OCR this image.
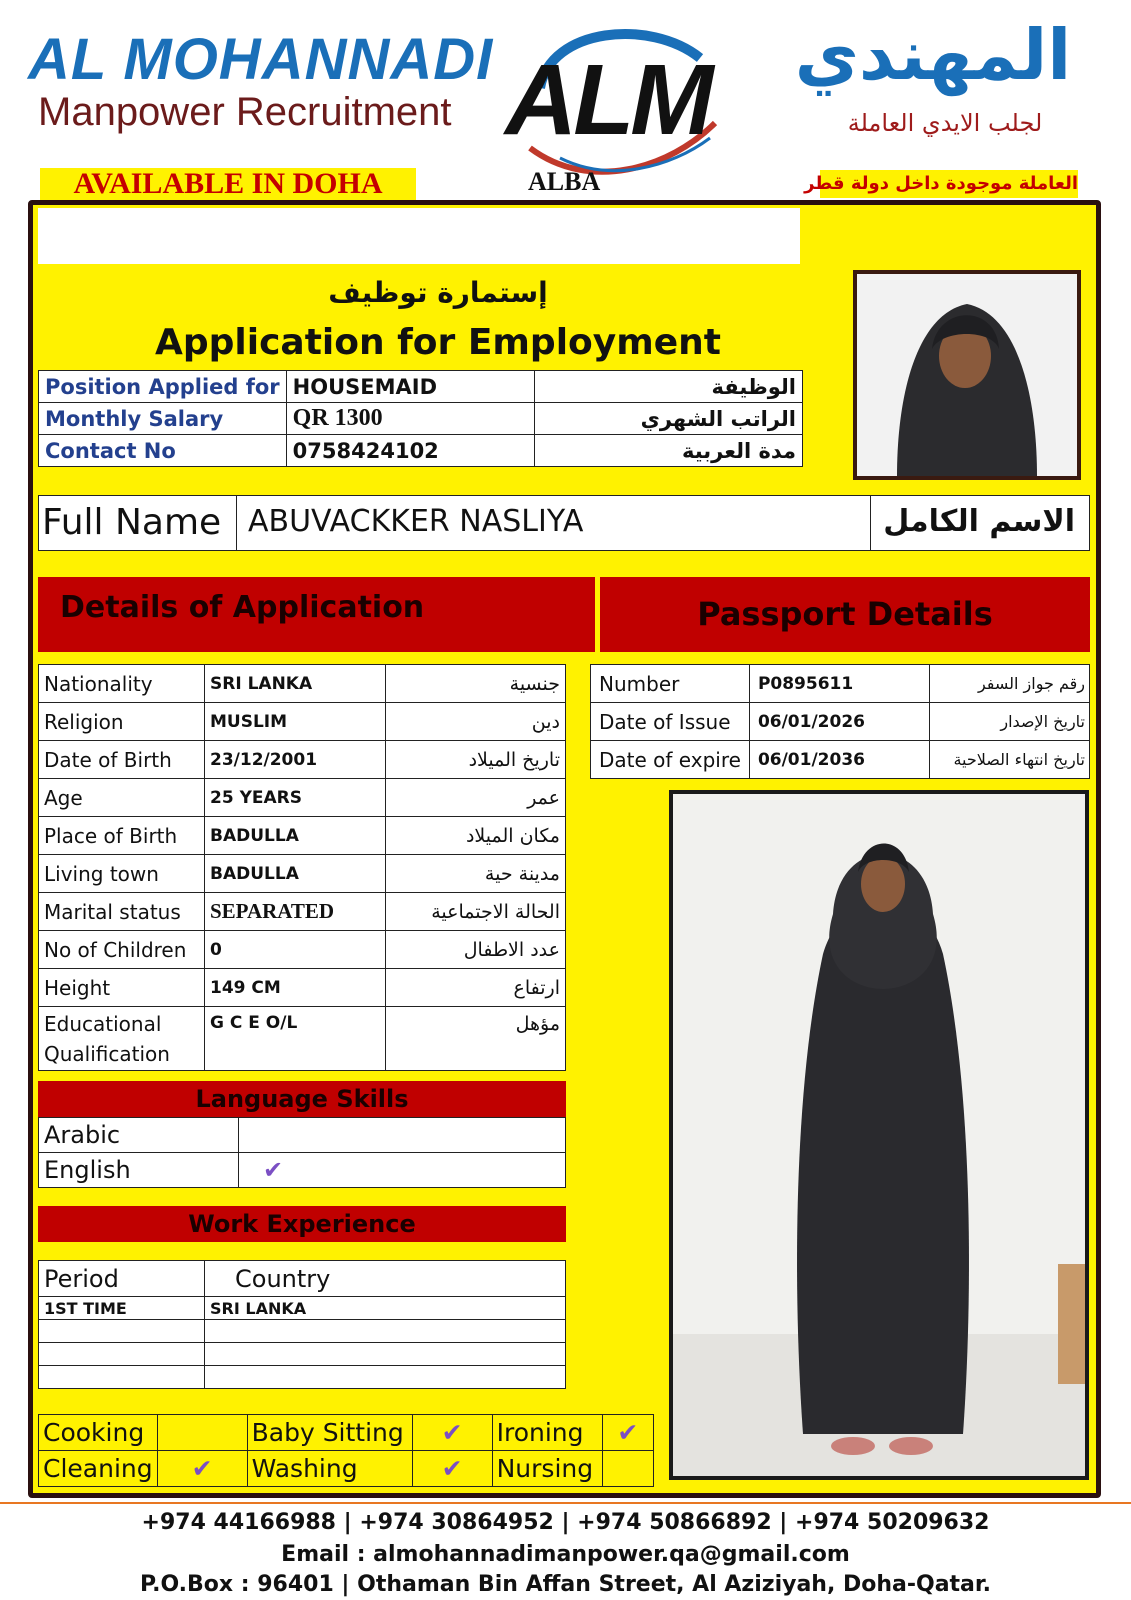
AL MOHANNADI
Manpower Recruitment ALM
ALBA
المهندي
لجلب الايدي العاملة
AVAILABLE IN DOHA	العاملة موجودة داخل دولة قطر
إستمارة توظيف
Application for Employment
Position Applied for	HOUSEMAID	الوظيفة
Monthly Salary	QR 1300	الراتب الشهري
Contact No	0758424102	مدة العربية
Full Name ABUVACKKER NASLIYA	الاسم الكامل
Details of Application	Passport Details
Nationality	SRI LANKA	جنسية
Religion	MUSLIM	دين
Date of Birth	23/12/2001	تاريخ الميلاد
Age	25 YEARS	عمر
Place of Birth	BADULLA	مكان الميلاد
Living town	BADULLA	مدينة حية
Marital status	SEPARATED	الحالة الاجتماعية
No of Children	0	عدد الاطفال
Height	149 CM	ارتفاع
Educational Qualification	G C E O/L	مؤهل
Number	P0895611	رقم جواز السفر
Date of Issue	06/01/2026	تاريخ الإصدار
Date of expire	06/01/2036	تاريخ انتهاء الصلاحية
Language Skills
Arabic	
English	✔
Work Experience
Period	Country
1ST TIME	SRI LANKA

Cooking		Baby Sitting	✔	Ironing	✔
Cleaning	✔	Washing	✔	Nursing	
+974 44166988 | +974 30864952 | +974 50866892 | +974 50209632
Email : almohannadimanpower.qa@gmail.com
P.O.Box : 96401 | Othaman Bin Affan Street, Al Aziziyah, Doha-Qatar.
